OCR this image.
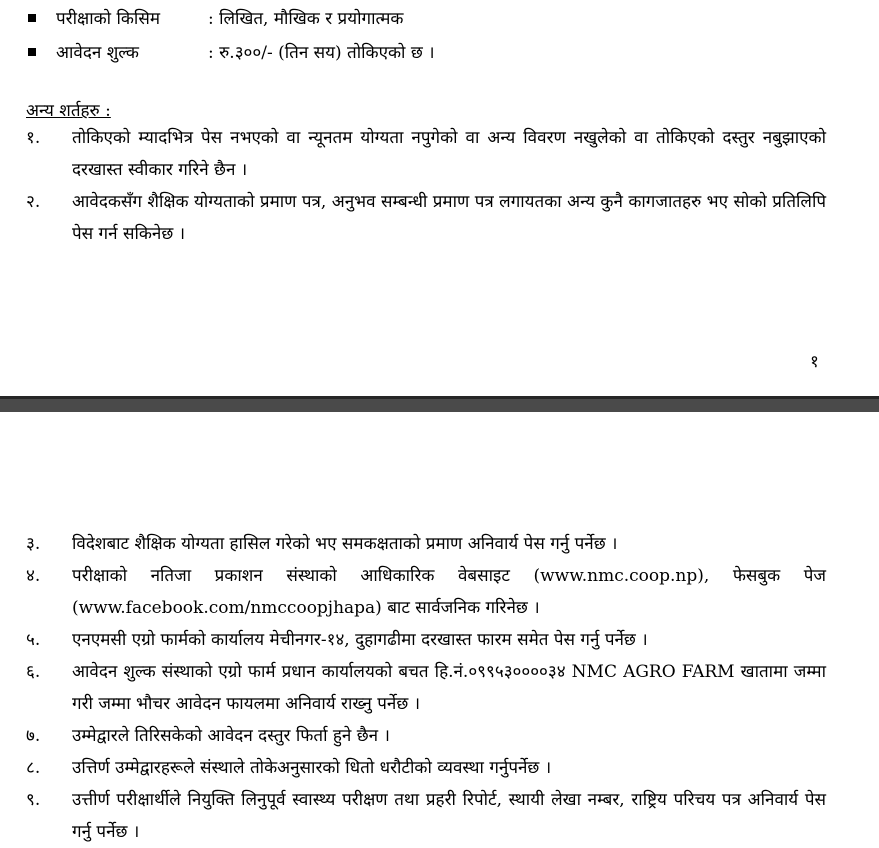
परीक्षाको किसिम	: लिखित, मौखिक र प्रयोगात्मक
आवेदन शुल्क	: रु.३००/- (तिन सय) तोकिएको छ ।
अन्य शर्तहरु :
१.	तोकिएको म्यादभित्र पेस नभएको वा न्यूनतम योग्यता नपुगेको वा अन्य विवरण नखुलेको वा तोकिएको दस्तुर नबुझाएको दरखास्त स्वीकार गरिने छैन ।
२.	आवेदकसँग शैक्षिक योग्यताको प्रमाण पत्र, अनुभव सम्बन्धी प्रमाण पत्र लगायतका अन्य कुनै कागजातहरु भए सोको प्रतिलिपि पेस गर्न सकिनेछ ।
१
३.	विदेशबाट शैक्षिक योग्यता हासिल गरेको भए समकक्षताको प्रमाण अनिवार्य पेस गर्नु पर्नेछ ।
४.	परीक्षाको नतिजा प्रकाशन संस्थाको आधिकारिक वेबसाइट (www.nmc.coop.np), फेसबुक पेज (www.facebook.com/nmccoopjhapa) बाट सार्वजनिक गरिनेछ ।
५.	एनएमसी एग्रो फार्मको कार्यालय मेचीनगर-१४, दुहागढीमा दरखास्त फारम समेत पेस गर्नु पर्नेछ ।
६.	आवेदन शुल्क संस्थाको एग्रो फार्म प्रधान कार्यालयको बचत हि.नं.०९९५३००००३४ NMC AGRO FARM खातामा जम्मा गरी जम्मा भौचर आवेदन फायलमा अनिवार्य राख्नु पर्नेछ ।
७.	उम्मेद्वारले तिरिसकेको आवेदन दस्तुर फिर्ता हुने छैन ।
८.	उत्तिर्ण उम्मेद्वारहरूले संस्थाले तोकेअनुसारको धितो धरौटीको व्यवस्था गर्नुपर्नेछ ।
९.	उत्तीर्ण परीक्षार्थीले नियुक्ति लिनुपूर्व स्वास्थ्य परीक्षण तथा प्रहरी रिपोर्ट, स्थायी लेखा नम्बर, राष्ट्रिय परिचय पत्र अनिवार्य पेस गर्नु पर्नेछ ।
